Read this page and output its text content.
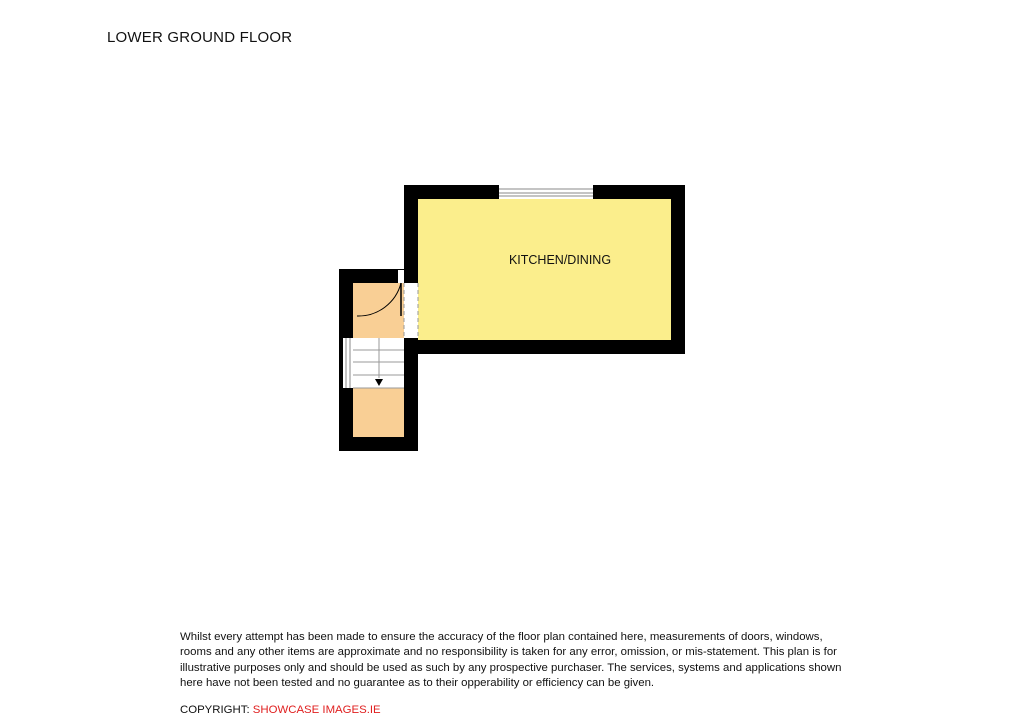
LOWER GROUND FLOOR
KITCHEN/DINING
Whilst every attempt has been made to ensure the accuracy of the floor plan contained here, measurements of doors, windows, rooms and any other items are approximate and no responsibility is taken for any error, omission, or mis-statement. This plan is for illustrative purposes only and should be used as such by any prospective purchaser. The services, systems and applications shown here have not been tested and no guarantee as to their opperability or efficiency can be given.
COPYRIGHT: SHOWCASE IMAGES.IE
